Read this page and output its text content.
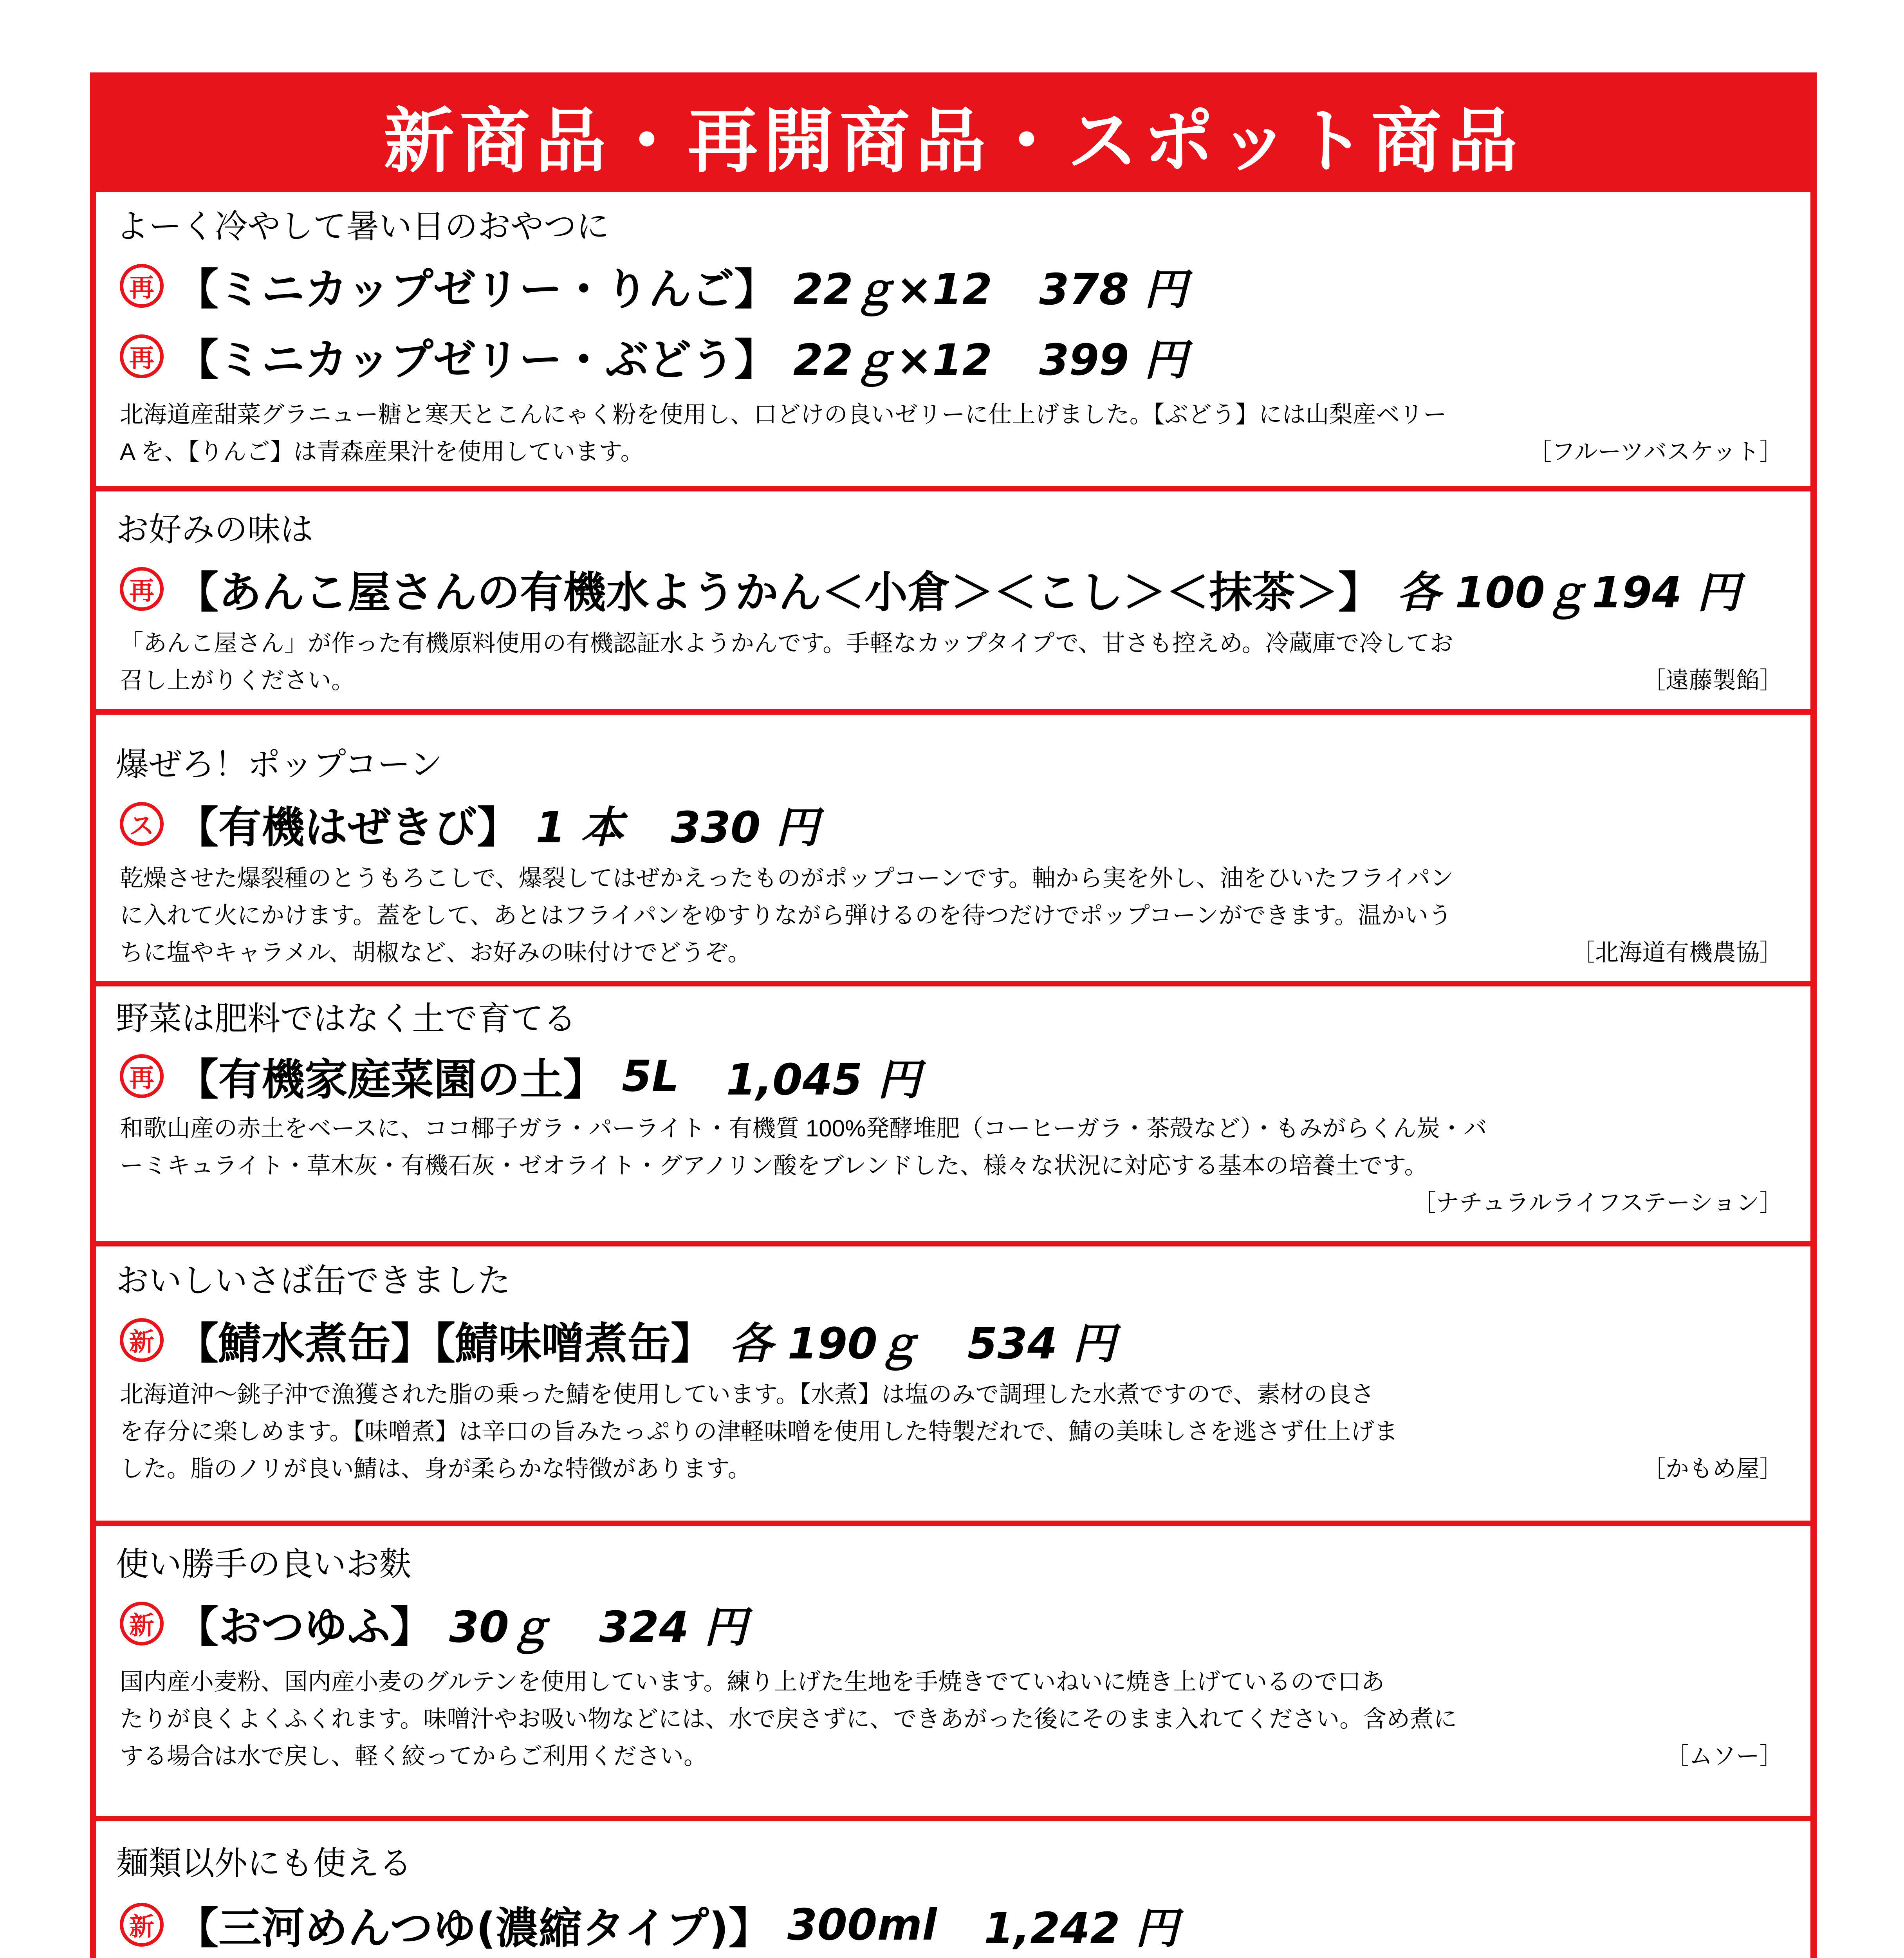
新商品・再開商品・スポット商品
よーく冷やして暑い日のおやつに
再 【ミニカップゼリー・りんご】 22ｇ×12 378 円
再 【ミニカップゼリー・ぶどう】 22ｇ×12 399 円

北海道産甜菜グラニュー糖と寒天とこんにゃく粉を使用し、口どけの良いゼリーに仕上げました。【ぶどう】には山梨産ベリー

A を、【りんご】は青森産果汁を使用しています。	［フルーツバスケット］
お好みの味は
再 【あんこ屋さんの有機水ようかん＜小倉＞＜こし＞＜抹茶＞】 各 100ｇ 194 円

「あんこ屋さん」が作った有機原料使用の有機認証水ようかんです。手軽なカップタイプで、甘さも控えめ。冷蔵庫で冷してお

召し上がりください。	［遠藤製餡］
爆ぜろ！ポップコーン
ス 【有機はぜきび】 1 本 330 円

乾燥させた爆裂種のとうもろこしで、爆裂してはぜかえったものがポップコーンです。軸から実を外し、油をひいたフライパン

に入れて火にかけます。蓋をして、あとはフライパンをゆすりながら弾けるのを待つだけでポップコーンができます。温かいう

ちに塩やキャラメル、胡椒など、お好みの味付けでどうぞ。	［北海道有機農協］
野菜は肥料ではなく土で育てる
再 【有機家庭菜園の土】 5L 1,045 円

和歌山産の赤土をベースに、ココ椰子ガラ・パーライト・有機質 100%発酵堆肥（コーヒーガラ・茶殻など）・もみがらくん炭・バ

ーミキュライト・草木灰・有機石灰・ゼオライト・グアノリン酸をブレンドした、様々な状況に対応する基本の培養土です。

［ナチュラルライフステーション］
おいしいさば缶できました
新 【鯖水煮缶】【鯖味噌煮缶】 各 190ｇ 534 円

北海道沖～銚子沖で漁獲された脂の乗った鯖を使用しています。【水煮】は塩のみで調理した水煮ですので、素材の良さ

を存分に楽しめます。【味噌煮】は辛口の旨みたっぷりの津軽味噌を使用した特製だれで、鯖の美味しさを逃さず仕上げま

した。脂のノリが良い鯖は、身が柔らかな特徴があります。	［かもめ屋］
使い勝手の良いお麩
新 【おつゆふ】 30ｇ 324 円

国内産小麦粉、国内産小麦のグルテンを使用しています。練り上げた生地を手焼きでていねいに焼き上げているので口あ

たりが良くよくふくれます。味噌汁やお吸い物などには、水で戻さずに、できあがった後にそのまま入れてください。含め煮に

する場合は水で戻し、軽く絞ってからご利用ください。	［ムソー］
麺類以外にも使える
新 【三河めんつゆ(濃縮タイプ)】 300ml 1,242 円
